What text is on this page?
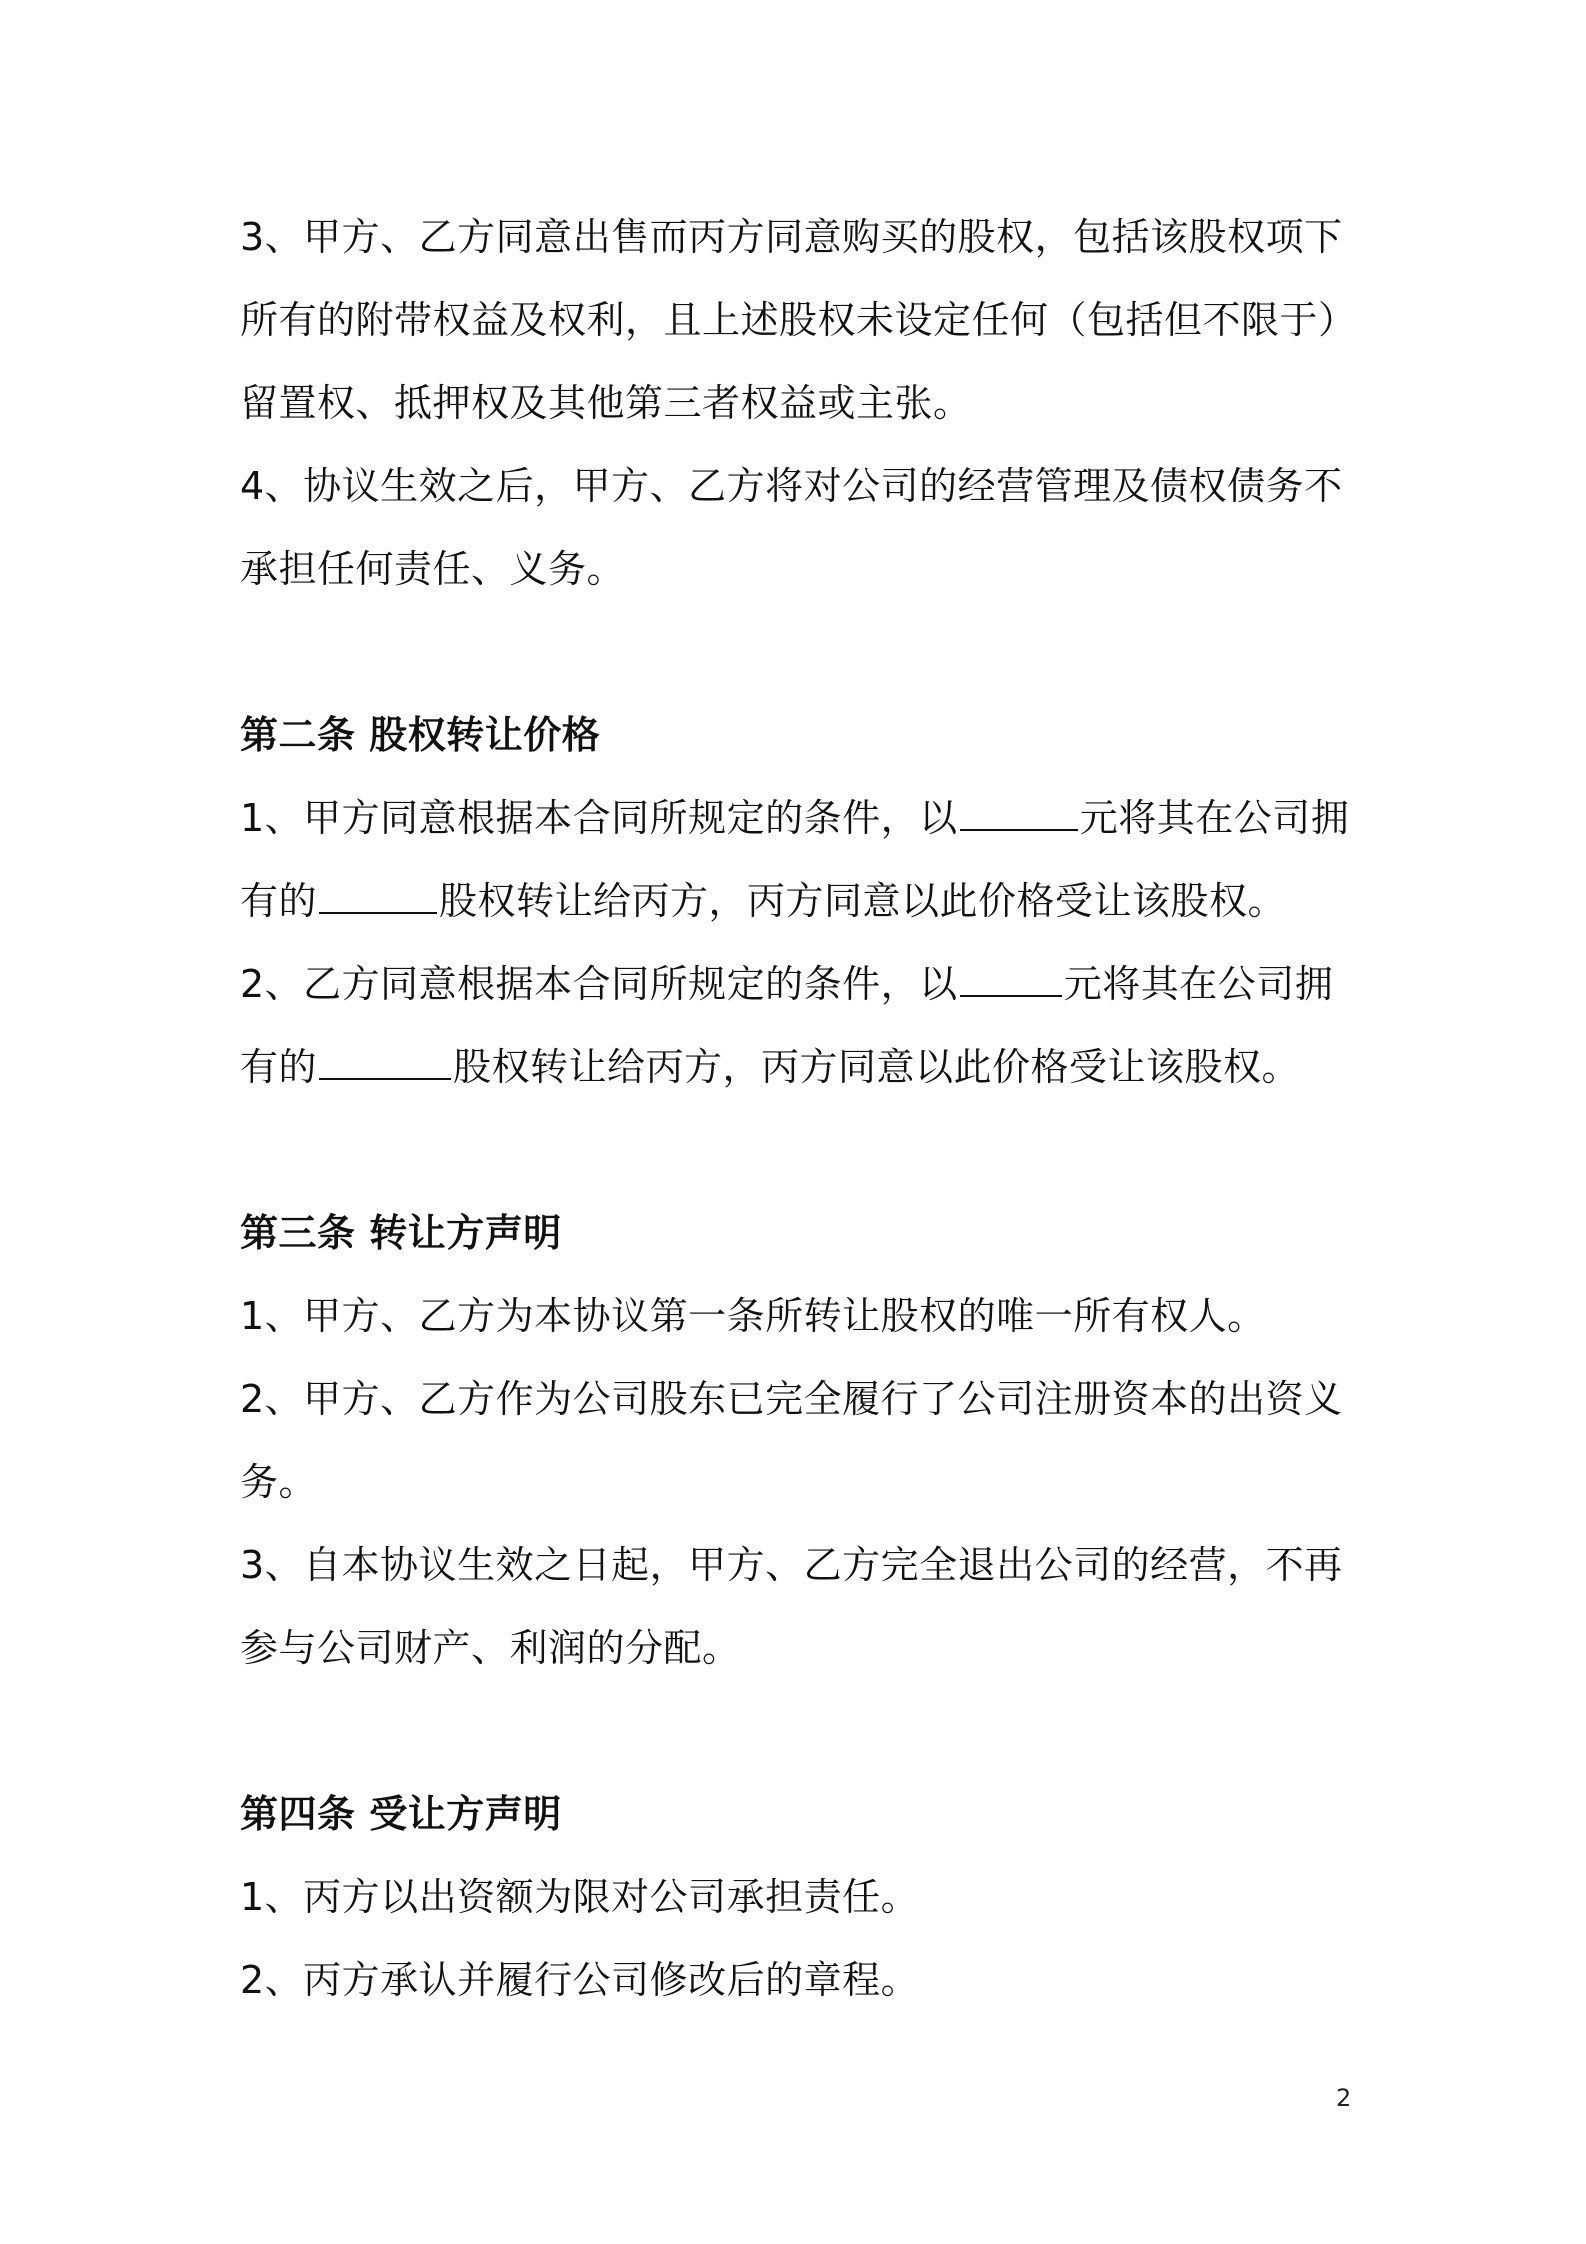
3、甲方、乙方同意出售而丙方同意购买的股权，包括该股权项下所有的附带权益及权利，且上述股权未设定任何（包括但不限于）留置权、抵押权及其他第三者权益或主张。

4、协议生效之后，甲方、乙方将对公司的经营管理及债权债务不承担任何责任、义务。

第二条 股权转让价格

1、甲方同意根据本合同所规定的条件，以	元将其在公司拥有的	股权转让给丙方，丙方同意以此价格受让该股权。

2、乙方同意根据本合同所规定的条件，以	元将其在公司拥有的	股权转让给丙方，丙方同意以此价格受让该股权。

第三条 转让方声明

1、甲方、乙方为本协议第一条所转让股权的唯一所有权人。

2、甲方、乙方作为公司股东已完全履行了公司注册资本的出资义务。

3、自本协议生效之日起，甲方、乙方完全退出公司的经营，不再参与公司财产、利润的分配。

第四条 受让方声明

1、丙方以出资额为限对公司承担责任。

2、丙方承认并履行公司修改后的章程。

2
